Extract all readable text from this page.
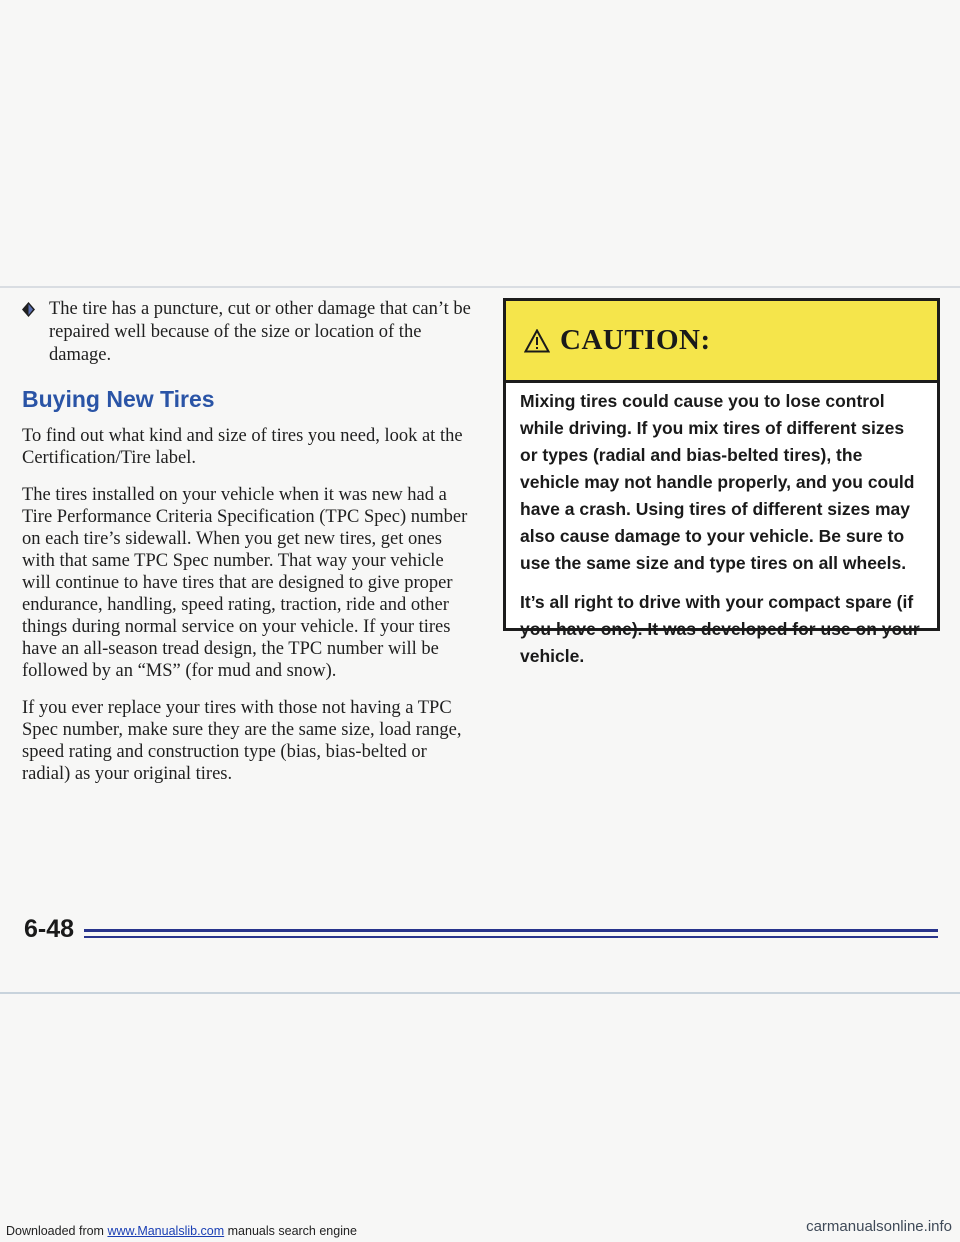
The tire has a puncture, cut or other damage that can’t be repaired well because of the size or location of the damage.

Buying New Tires

To find out what kind and size of tires you need, look at the Certification/Tire label.

The tires installed on your vehicle when it was new had a Tire Performance Criteria Specification (TPC Spec) number on each tire’s sidewall. When you get new tires, get ones with that same TPC Spec number. That way your vehicle will continue to have tires that are designed to give proper endurance, handling, speed rating, traction, ride and other things during normal service on your vehicle. If your tires have an all-season tread design, the TPC number will be followed by an “MS” (for mud and snow).

If you ever replace your tires with those not having a TPC Spec number, make sure they are the same size, load range, speed rating and construction type (bias, bias-belted or radial) as your original tires.

CAUTION:

Mixing tires could cause you to lose control while driving. If you mix tires of different sizes or types (radial and bias-belted tires), the vehicle may not handle properly, and you could have a crash. Using tires of different sizes may also cause damage to your vehicle. Be sure to use the same size and type tires on all wheels.

It’s all right to drive with your compact spare (if you have one). It was developed for use on your vehicle.

6-48
Downloaded from www.Manualslib.com manuals search engine	carmanualsonline.info
